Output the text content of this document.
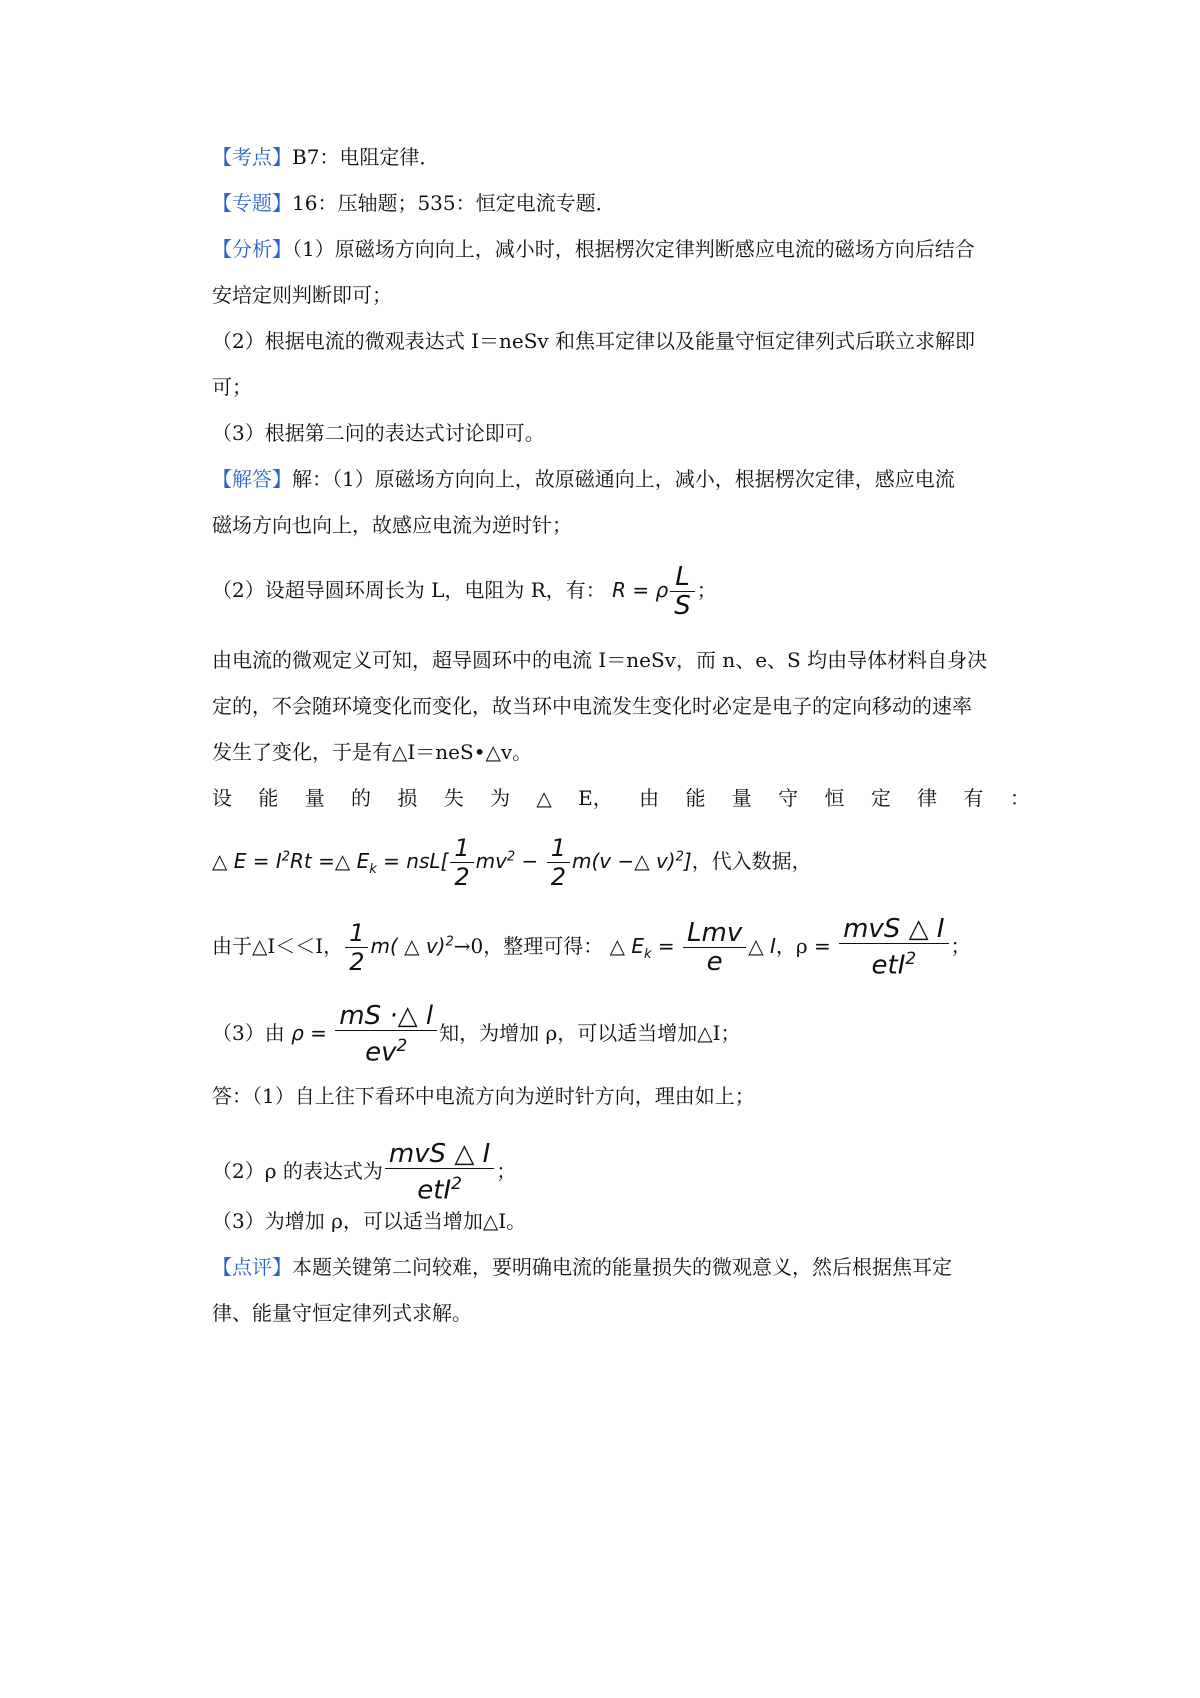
【考点】B7：电阻定律．
【专题】16：压轴题；535：恒定电流专题．
【分析】（1）原磁场方向向上，减小时，根据楞次定律判断感应电流的磁场方向后结合
安培定则判断即可；
（2）根据电流的微观表达式 I＝neSv 和焦耳定律以及能量守恒定律列式后联立求解即
可；
（3）根据第二问的表达式讨论即可。
【解答】解：（1）原磁场方向向上，故原磁通向上，减小，根据楞次定律，感应电流
磁场方向也向上，故感应电流为逆时针；
（2）设超导圆环周长为 L，电阻为 R，有： R = ρ $\frac{L}{S}$ ；
由电流的微观定义可知，超导圆环中的电流 I＝neSv，而 n、e、S 均由导体材料自身决
定的，不会随环境变化而变化，故当环中电流发生变化时必定是电子的定向移动的速率
发生了变化，于是有△I＝neS•△v。
设 能 量 的 损 失 为 △ E， 由 能 量 守 恒 定 律 有 ：
△ $E = I^2Rt$ =△ $E_k = nsL[ \frac{1}{2} mv^2 - \frac{1}{2} m(v$ −△ v)$^2$]，代入数据，
由于△I＜＜I， $\frac{1}{2} m$( △ v)$^2$→0，整理可得： △ $E_k = \frac{\text{Lmv}}{e}$ △ I，$\rho = \frac{\text{mvS △ I}}{etI^2}$ ；
（3）由 $\rho = \frac{mS \cdot\triangle l}{ev^2}$ 知，为增加 ρ，可以适当增加△I；
答：（1）自上往下看环中电流方向为逆时针方向，理由如上；
（2）ρ 的表达式为 $\frac{\text{mvS △ I}}{etI^2}$ ；
（3）为增加 ρ，可以适当增加△I。
【点评】本题关键第二问较难，要明确电流的能量损失的微观意义，然后根据焦耳定
律、能量守恒定律列式求解。
